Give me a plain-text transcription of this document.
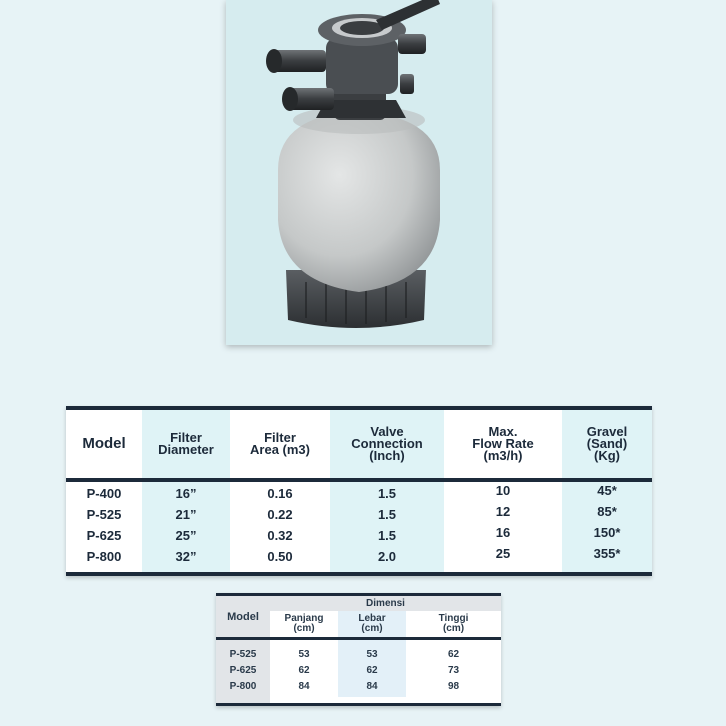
Model
P-400
P-525
P-625
P-800
Filter
Diameter
16”
21”
25”
32”
Filter
Area (m3)
0.16
0.22
0.32
0.50
Valve
Connection
(Inch)
1.5
1.5
1.5
2.0
Max.
Flow Rate
(m3/h)
10
12
16
25
Gravel
(Sand)
(Kg)
45*
85*
150*
355*
Model
P-525
P-625
P-800
Dimensi
Panjang
(cm)
53
62
84
Lebar
(cm)
53
62
84
Tinggi
(cm)
62
73
98
